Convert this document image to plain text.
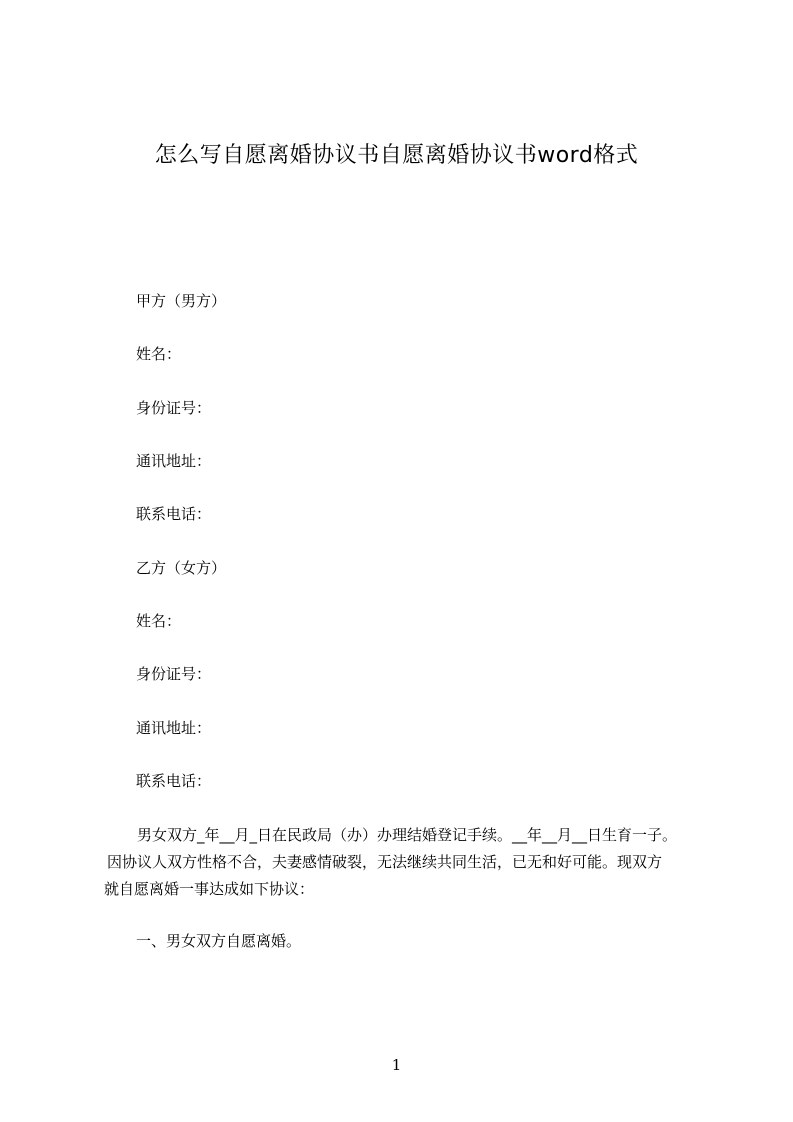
怎么写自愿离婚协议书自愿离婚协议书word格式
甲方（男方）
姓名：
身份证号：
通讯地址：
联系电话：
乙方（女方）
姓名：
身份证号：
通讯地址：
联系电话：
男女双方_年__月_日在民政局（办）办理结婚登记手续。__年__月__日生育一子。
因协议人双方性格不合，夫妻感情破裂，无法继续共同生活，已无和好可能。现双方
就自愿离婚一事达成如下协议：
一、男女双方自愿离婚。
1
